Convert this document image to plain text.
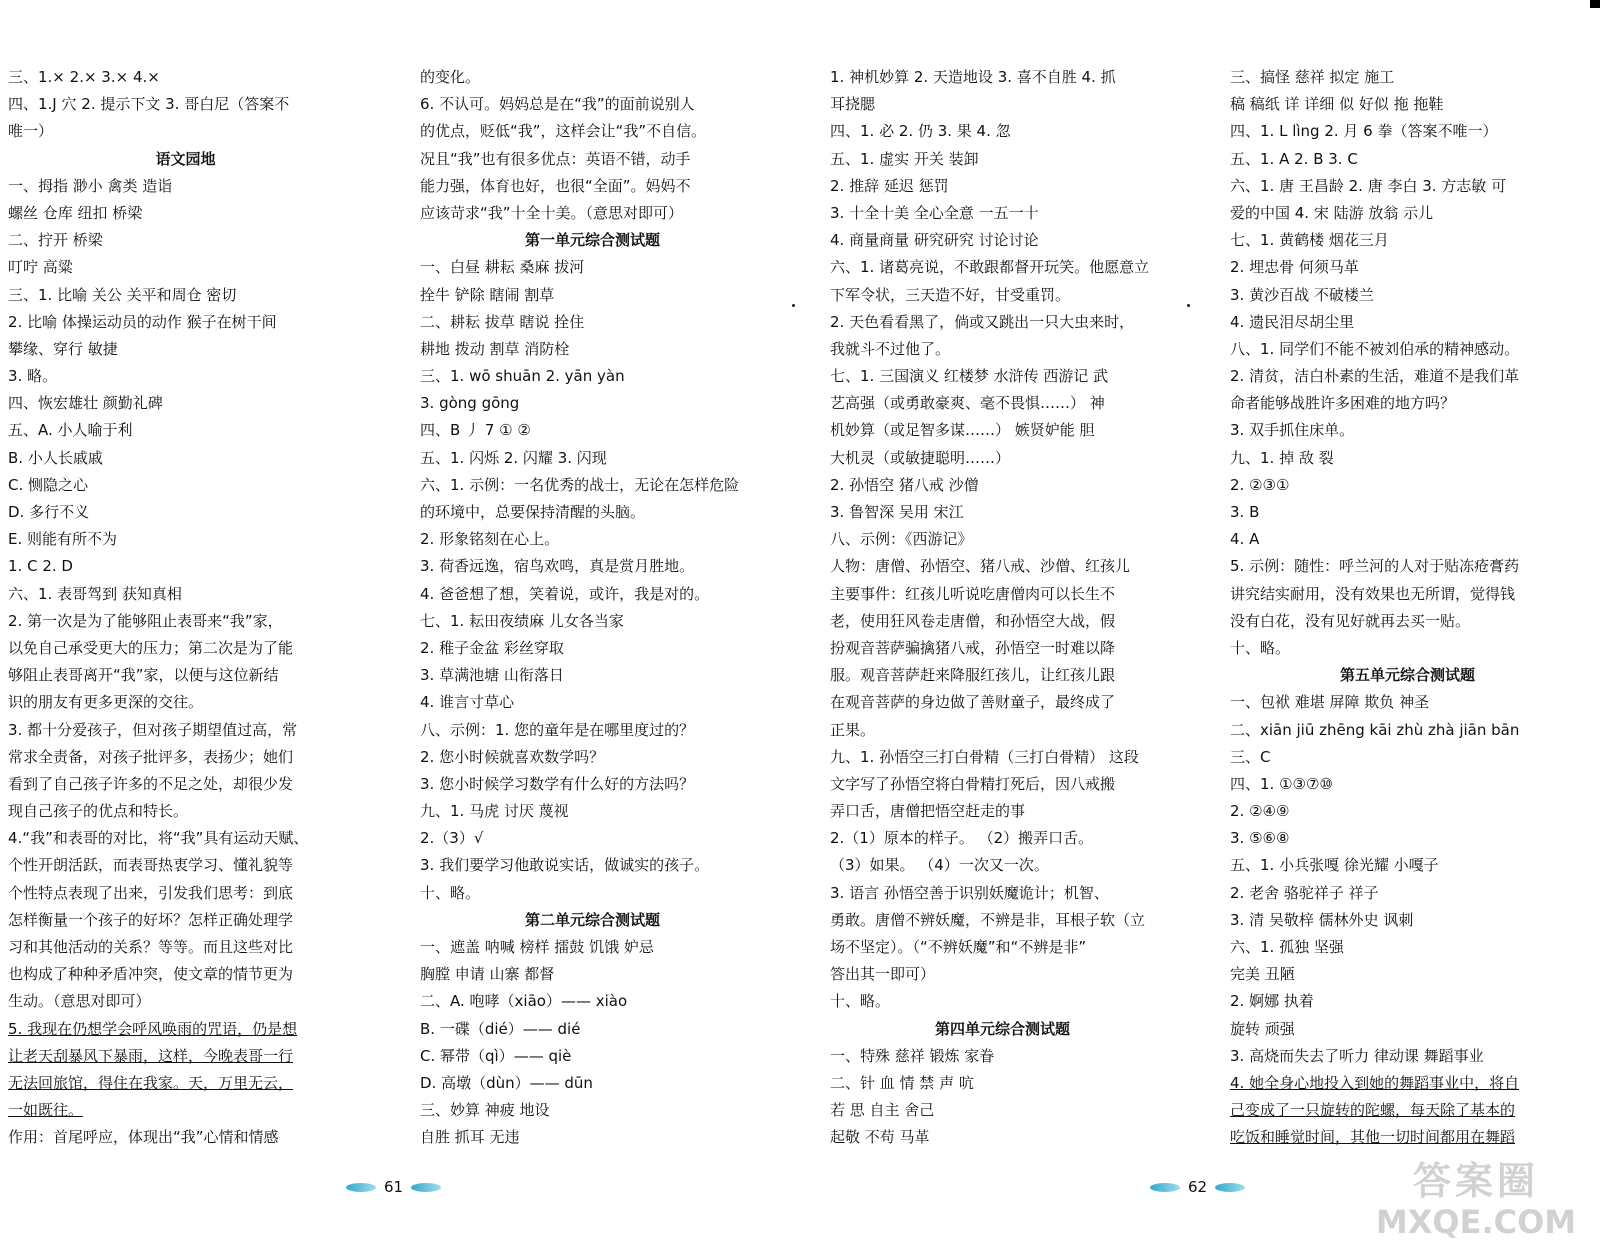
三、1.× 2.× 3.× 4.×
四、1.J 穴 2. 提示下文 3. 哥白尼（答案不
唯一）
语文园地
一、拇指 渺小 禽类 造诣
螺丝 仓库 纽扣 桥梁
二、拧开 桥梁
叮咛 高粱
三、1. 比喻 关公 关平和周仓 密切
2. 比喻 体操运动员的动作 猴子在树干间
攀缘、穿行 敏捷
3. 略。
四、恢宏雄壮 颜勤礼碑
五、A. 小人喻于利
B. 小人长戚戚
C. 恻隐之心
D. 多行不义
E. 则能有所不为
1. C 2. D
六、1. 表哥驾到 获知真相
2. 第一次是为了能够阻止表哥来“我”家，
以免自己承受更大的压力；第二次是为了能
够阻止表哥离开“我”家，以便与这位新结
识的朋友有更多更深的交往。
3. 都十分爱孩子，但对孩子期望值过高，常
常求全责备，对孩子批评多，表扬少；她们
看到了自己孩子许多的不足之处，却很少发
现自己孩子的优点和特长。
4.“我”和表哥的对比，将“我”具有运动天赋、
个性开朗活跃，而表哥热衷学习、懂礼貌等
个性特点表现了出来，引发我们思考：到底
怎样衡量一个孩子的好坏？怎样正确处理学
习和其他活动的关系？等等。而且这些对比
也构成了种种矛盾冲突，使文章的情节更为
生动。（意思对即可）
5. 我现在仍想学会呼风唤雨的咒语，仍是想
让老天刮暴风下暴雨，这样，今晚表哥一行
无法回旅馆，得住在我家。天，万里无云，
一如既往。
作用：首尾呼应，体现出“我”心情和情感
的变化。
6. 不认可。妈妈总是在“我”的面前说别人
的优点，贬低“我”，这样会让“我”不自信。
况且“我”也有很多优点：英语不错，动手
能力强，体育也好，也很“全面”。妈妈不
应该苛求“我”十全十美。（意思对即可）
第一单元综合测试题
一、白昼 耕耘 桑麻 拔河
拴牛 铲除 瞎闹 割草
二、耕耘 拔草 瞎说 拴住
耕地 拨动 割草 消防栓
三、1. wō shuān 2. yān yàn
3. gòng gōng
四、B 丿 7 ① ②
五、1. 闪烁 2. 闪耀 3. 闪现
六、1. 示例：一名优秀的战士，无论在怎样危险
的环境中，总要保持清醒的头脑。
2. 形象铭刻在心上。
3. 荷香远逸，宿鸟欢鸣，真是赏月胜地。
4. 爸爸想了想，笑着说，或许，我是对的。
七、1. 耘田夜绩麻 儿女各当家
2. 稚子金盆 彩丝穿取
3. 草满池塘 山衔落日
4. 谁言寸草心
八、示例：1. 您的童年是在哪里度过的？
2. 您小时候就喜欢数学吗？
3. 您小时候学习数学有什么好的方法吗？
九、1. 马虎 讨厌 蔑视
2.（3）√
3. 我们要学习他敢说实话，做诚实的孩子。
十、略。
第二单元综合测试题
一、遮盖 呐喊 榜样 擂鼓 饥饿 妒忌
胸膛 申请 山寨 都督
二、A. 咆哮（xiāo）—— xiào
B. 一碟（dié）—— dié
C. 幂带（qì）—— qiè
D. 高墩（dùn）—— dūn
三、妙算 神疲 地设
自胜 抓耳 无违
1. 神机妙算 2. 天造地设 3. 喜不自胜 4. 抓
耳挠腮
四、1. 必 2. 仍 3. 果 4. 忽
五、1. 虚实 开关 装卸
2. 推辞 延迟 惩罚
3. 十全十美 全心全意 一五一十
4. 商量商量 研究研究 讨论讨论
六、1. 诸葛亮说，不敢跟都督开玩笑。他愿意立
下军令状，三天造不好，甘受重罚。
2. 天色看看黑了，倘或又跳出一只大虫来时，
我就斗不过他了。
七、1. 三国演义 红楼梦 水浒传 西游记 武
艺高强（或勇敢豪爽、毫不畏惧……） 神
机妙算（或足智多谋……） 嫉贤妒能 胆
大机灵（或敏捷聪明……）
2. 孙悟空 猪八戒 沙僧
3. 鲁智深 吴用 宋江
八、示例：《西游记》
人物：唐僧、孙悟空、猪八戒、沙僧、红孩儿
主要事件：红孩儿听说吃唐僧肉可以长生不
老，使用狂风卷走唐僧，和孙悟空大战，假
扮观音菩萨骗擒猪八戒，孙悟空一时难以降
服。观音菩萨赶来降服红孩儿，让红孩儿跟
在观音菩萨的身边做了善财童子，最终成了
正果。
九、1. 孙悟空三打白骨精（三打白骨精） 这段
文字写了孙悟空将白骨精打死后，因八戒搬
弄口舌，唐僧把悟空赶走的事
2.（1）原本的样子。 （2）搬弄口舌。
（3）如果。 （4）一次又一次。
3. 语言 孙悟空善于识别妖魔诡计；机智、
勇敢。唐僧不辨妖魔，不辨是非，耳根子软（立
场不坚定）。（“不辨妖魔”和“不辨是非”
答出其一即可）
十、略。
第四单元综合测试题
一、特殊 慈祥 锻炼 家眷
二、针 血 情 禁 声 吭
若 思 自主 舍己
起敬 不苟 马革
三、搞怪 慈祥 拟定 施工
稿 稿纸 详 详细 似 好似 拖 拖鞋
四、1. L lìng 2. 月 6 拳（答案不唯一）
五、1. A 2. B 3. C
六、1. 唐 王昌龄 2. 唐 李白 3. 方志敏 可
爱的中国 4. 宋 陆游 放翁 示儿
七、1. 黄鹤楼 烟花三月
2. 埋忠骨 何须马革
3. 黄沙百战 不破楼兰
4. 遗民泪尽胡尘里
八、1. 同学们不能不被刘伯承的精神感动。
2. 清贫，洁白朴素的生活，难道不是我们革
命者能够战胜许多困难的地方吗？
3. 双手抓住床单。
九、1. 掉 敌 裂
2. ②③①
3. B
4. A
5. 示例：随性：呼兰河的人对于贴冻疮膏药
讲究结实耐用，没有效果也无所谓，觉得钱
没有白花，没有见好就再去买一贴。
十、略。
第五单元综合测试题
一、包袱 难堪 屏障 欺负 神圣
二、xiān jiū zhēng kāi zhù zhà jiān bān
三、C
四、1. ①③⑦⑩
2. ②④⑨
3. ⑤⑥⑧
五、1. 小兵张嘎 徐光耀 小嘎子
2. 老舍 骆驼祥子 祥子
3. 清 吴敬梓 儒林外史 讽刺
六、1. 孤独 坚强
完美 丑陋
2. 婀娜 执着
旋转 顽强
3. 高烧而失去了听力 律动课 舞蹈事业
4. 她全身心地投入到她的舞蹈事业中，将自
己变成了一只旋转的陀螺，每天除了基本的
吃饭和睡觉时间，其他一切时间都用在舞蹈
61	62	答案圈
MXQE.COM
